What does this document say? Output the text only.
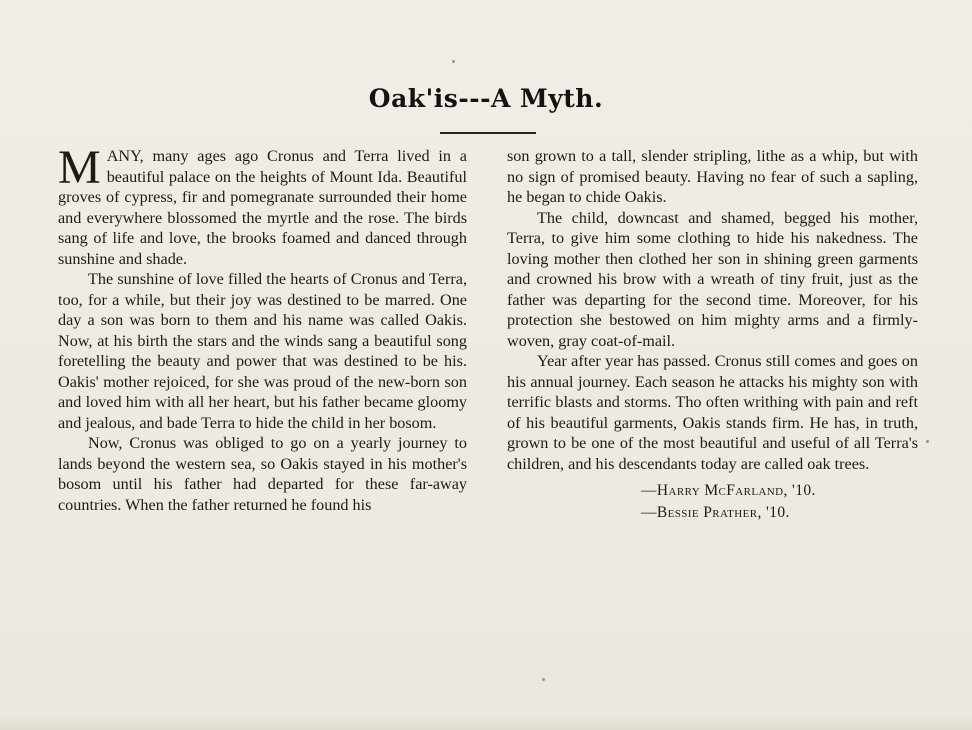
Oak'is---A Myth.

MANY, many ages ago Cronus and Terra lived in a beautiful palace on the heights of Mount Ida. Beautiful groves of cypress, fir and pomegranate surrounded their home and everywhere blossomed the myrtle and the rose. The birds sang of life and love, the brooks foamed and danced through sunshine and shade.

The sunshine of love filled the hearts of Cronus and Terra, too, for a while, but their joy was destined to be marred. One day a son was born to them and his name was called Oakis. Now, at his birth the stars and the winds sang a beautiful song foretelling the beauty and power that was destined to be his. Oakis' mother rejoiced, for she was proud of the new-born son and loved him with all her heart, but his father became gloomy and jealous, and bade Terra to hide the child in her bosom.

Now, Cronus was obliged to go on a yearly journey to lands beyond the western sea, so Oakis stayed in his mother's bosom until his father had departed for these far-away countries. When the father returned he found his

son grown to a tall, slender stripling, lithe as a whip, but with no sign of promised beauty. Having no fear of such a sapling, he began to chide Oakis.

The child, downcast and shamed, begged his mother, Terra, to give him some clothing to hide his nakedness. The loving mother then clothed her son in shining green garments and crowned his brow with a wreath of tiny fruit, just as the father was departing for the second time. Moreover, for his protection she bestowed on him mighty arms and a firmly-woven, gray coat-of-mail.

Year after year has passed. Cronus still comes and goes on his annual journey. Each season he attacks his mighty son with terrific blasts and storms. Tho often writhing with pain and reft of his beautiful garments, Oakis stands firm. He has, in truth, grown to be one of the most beautiful and useful of all Terra's children, and his descendants today are called oak trees.

—Harry McFarland, '10.
—Bessie Prather, '10.
